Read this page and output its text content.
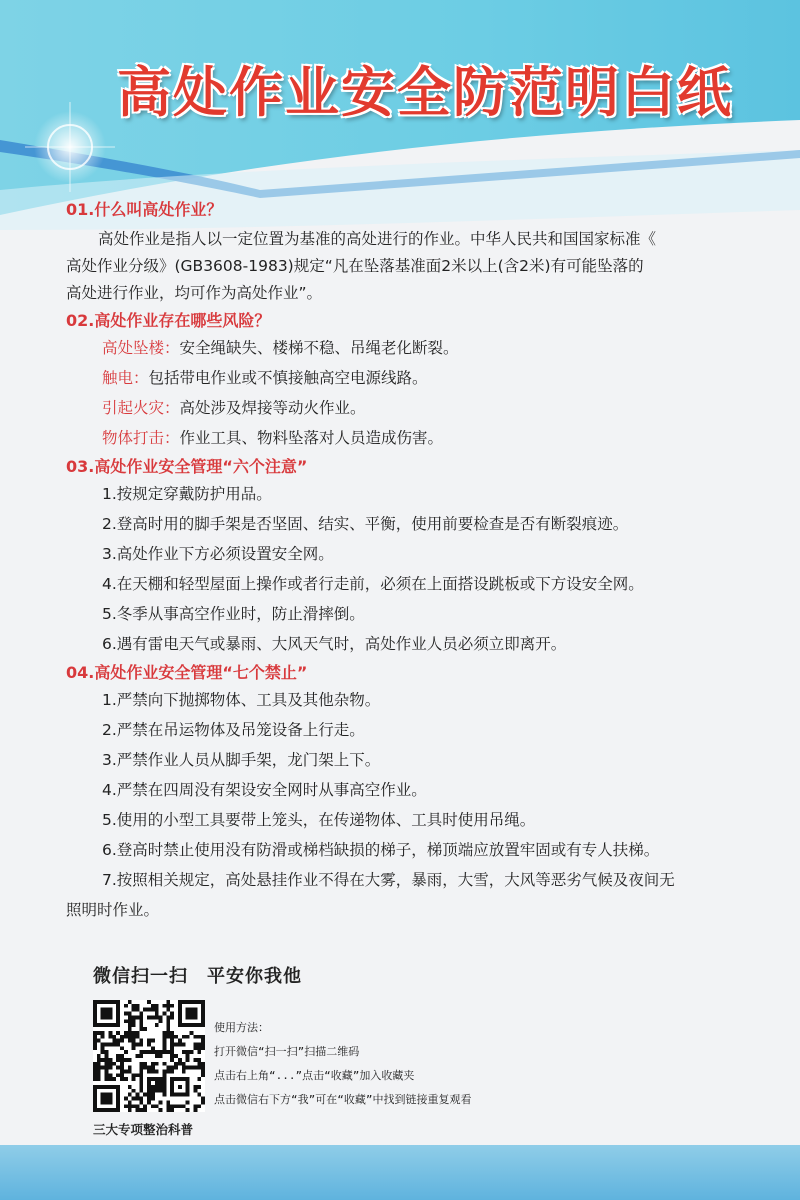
高处作业安全防范明白纸

01.什么叫高处作业？

高处作业是指人以一定位置为基准的高处进行的作业。中华人民共和国国家标准《

高处作业分级》(GB3608-1983)规定“凡在坠落基准面2米以上(含2米)有可能坠落的

高处进行作业，均可作为高处作业”。

02.高处作业存在哪些风险？

高处坠楼：安全绳缺失、楼梯不稳、吊绳老化断裂。
触电：包括带电作业或不慎接触高空电源线路。
引起火灾：高处涉及焊接等动火作业。
物体打击：作业工具、物料坠落对人员造成伤害。

03.高处作业安全管理“六个注意”

1.按规定穿戴防护用品。
2.登高时用的脚手架是否坚固、结实、平衡，使用前要检查是否有断裂痕迹。
3.高处作业下方必须设置安全网。
4.在天棚和轻型屋面上操作或者行走前，必须在上面搭设跳板或下方设安全网。
5.冬季从事高空作业时，防止滑摔倒。
6.遇有雷电天气或暴雨、大风天气时，高处作业人员必须立即离开。

04.高处作业安全管理“七个禁止”

1.严禁向下抛掷物体、工具及其他杂物。
2.严禁在吊运物体及吊笼设备上行走。
3.严禁作业人员从脚手架，龙门架上下。
4.严禁在四周没有架设安全网时从事高空作业。
5.使用的小型工具要带上笼头，在传递物体、工具时使用吊绳。
6.登高时禁止使用没有防滑或梯档缺损的梯子，梯顶端应放置牢固或有专人扶梯。
7.按照相关规定，高处悬挂作业不得在大雾，暴雨，大雪，大风等恶劣气候及夜间无
照明时作业。
微信扫一扫　平安你我他
三大专项整治科普
使用方法：
打开微信“扫一扫”扫描二维码
点击右上角“...”点击“收藏”加入收藏夹
点击微信右下方“我”可在“收藏”中找到链接重复观看
